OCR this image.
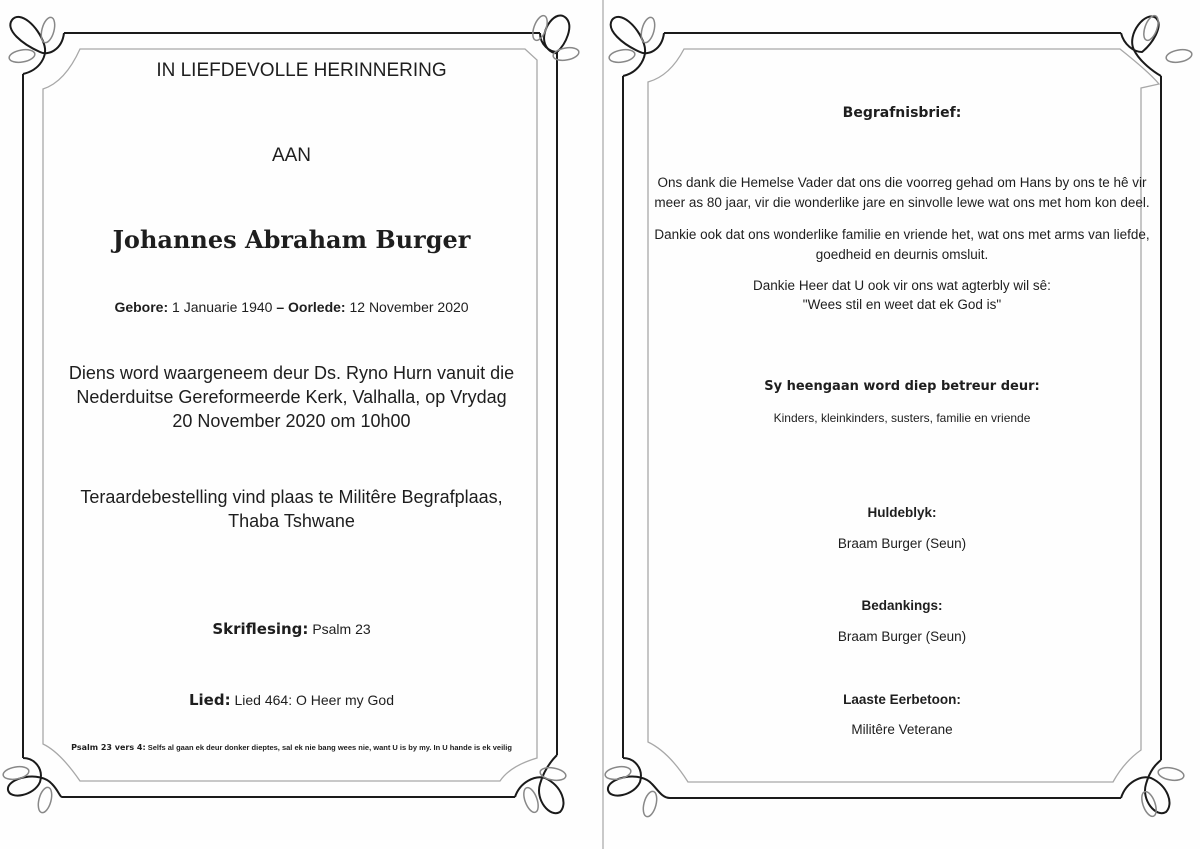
IN LIEFDEVOLLE HERINNERING
AAN
Johannes Abraham Burger
Gebore: 1 Januarie 1940 – Oorlede: 12 November 2020

Diens word waargeneem deur Ds. Ryno Hurn vanuit die

Nederduitse Gereformeerde Kerk, Valhalla, op Vrydag

20 November 2020 om 10h00

Teraardebestelling vind plaas te Militêre Begrafplaas,

Thaba Tshwane

Skriflesing: Psalm 23
Lied: Lied 464: O Heer my God
Psalm 23 vers 4: Selfs al gaan ek deur donker dieptes, sal ek nie bang wees nie, want U is by my. In U hande is ek veilig
Begrafnisbrief:

Ons dank die Hemelse Vader dat ons die voorreg gehad om Hans by ons te hê vir

meer as 80 jaar, vir die wonderlike jare en sinvolle lewe wat ons met hom kon deel.

Dankie ook dat ons wonderlike familie en vriende het, wat ons met arms van liefde,

goedheid en deurnis omsluit.

Dankie Heer dat U ook vir ons wat agterbly wil sê:

"Wees stil en weet dat ek God is"

Sy heengaan word diep betreur deur:
Kinders, kleinkinders, susters, familie en vriende
Huldeblyk:
Braam Burger (Seun)
Bedankings:
Braam Burger (Seun)
Laaste Eerbetoon:
Militêre Veterane
